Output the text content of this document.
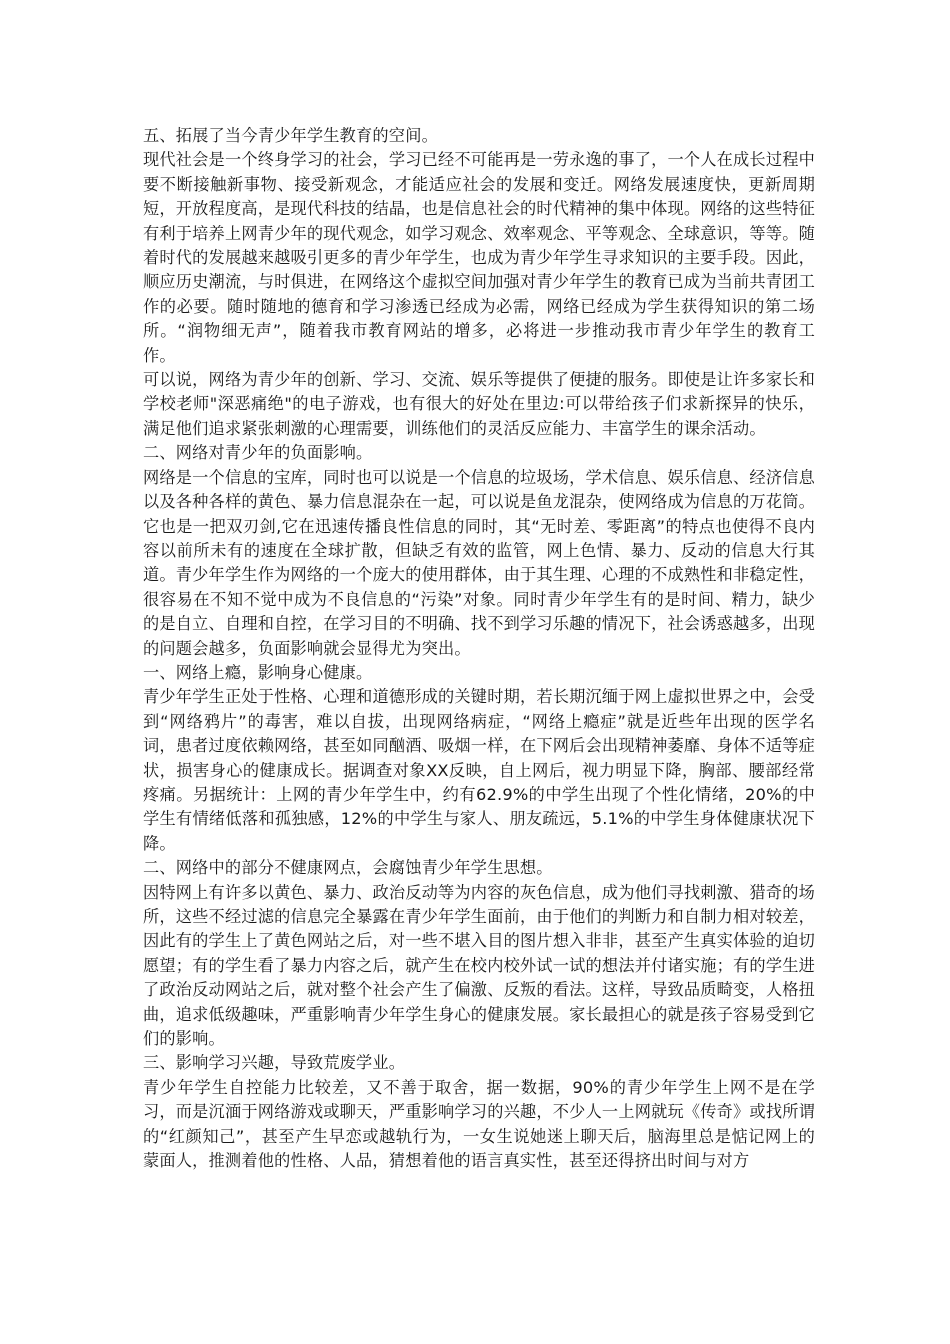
五、拓展了当今青少年学生教育的空间。

现代社会是一个终身学习的社会，学习已经不可能再是一劳永逸的事了，一个人在成长过程中要不断接触新事物、接受新观念，才能适应社会的发展和变迁。网络发展速度快，更新周期短，开放程度高，是现代科技的结晶，也是信息社会的时代精神的集中体现。网络的这些特征有利于培养上网青少年的现代观念，如学习观念、效率观念、平等观念、全球意识，等等。随着时代的发展越来越吸引更多的青少年学生，也成为青少年学生寻求知识的主要手段。因此，顺应历史潮流，与时俱进，在网络这个虚拟空间加强对青少年学生的教育已成为当前共青团工作的必要。随时随地的德育和学习渗透已经成为必需，网络已经成为学生获得知识的第二场所。“润物细无声”，随着我市教育网站的增多，必将进一步推动我市青少年学生的教育工作。

可以说，网络为青少年的创新、学习、交流、娱乐等提供了便捷的服务。即使是让许多家长和学校老师"深恶痛绝"的电子游戏，也有很大的好处在里边:可以带给孩子们求新探异的快乐，满足他们追求紧张刺激的心理需要，训练他们的灵活反应能力、丰富学生的课余活动。

二、网络对青少年的负面影响。

网络是一个信息的宝库，同时也可以说是一个信息的垃圾场，学术信息、娱乐信息、经济信息以及各种各样的黄色、暴力信息混杂在一起，可以说是鱼龙混杂，使网络成为信息的万花筒。它也是一把双刃剑,它在迅速传播良性信息的同时，其“无时差、零距离”的特点也使得不良内容以前所未有的速度在全球扩散，但缺乏有效的监管，网上色情、暴力、反动的信息大行其道。青少年学生作为网络的一个庞大的使用群体，由于其生理、心理的不成熟性和非稳定性，很容易在不知不觉中成为不良信息的“污染”对象。同时青少年学生有的是时间、精力，缺少的是自立、自理和自控，在学习目的不明确、找不到学习乐趣的情况下，社会诱惑越多，出现的问题会越多，负面影响就会显得尤为突出。

一、网络上瘾，影响身心健康。

青少年学生正处于性格、心理和道德形成的关键时期，若长期沉缅于网上虚拟世界之中，会受到“网络鸦片”的毒害，难以自拔，出现网络病症，“网络上瘾症”就是近些年出现的医学名词，患者过度依赖网络，甚至如同酗酒、吸烟一样，在下网后会出现精神萎靡、身体不适等症状，损害身心的健康成长。据调查对象XX反映，自上网后，视力明显下降，胸部、腰部经常疼痛。另据统计：上网的青少年学生中，约有62.9%的中学生出现了个性化情绪，20%的中学生有情绪低落和孤独感，12%的中学生与家人、朋友疏远，5.1%的中学生身体健康状况下降。

二、网络中的部分不健康网点，会腐蚀青少年学生思想。

因特网上有许多以黄色、暴力、政治反动等为内容的灰色信息，成为他们寻找刺激、猎奇的场所，这些不经过滤的信息完全暴露在青少年学生面前，由于他们的判断力和自制力相对较差，因此有的学生上了黄色网站之后，对一些不堪入目的图片想入非非，甚至产生真实体验的迫切愿望；有的学生看了暴力内容之后，就产生在校内校外试一试的想法并付诸实施；有的学生进了政治反动网站之后，就对整个社会产生了偏激、反叛的看法。这样，导致品质畸变，人格扭曲，追求低级趣味，严重影响青少年学生身心的健康发展。家长最担心的就是孩子容易受到它们的影响。

三、影响学习兴趣，导致荒废学业。

青少年学生自控能力比较差，又不善于取舍，据一数据，90%的青少年学生上网不是在学习，而是沉湎于网络游戏或聊天，严重影响学习的兴趣，不少人一上网就玩《传奇》或找所谓的“红颜知己”，甚至产生早恋或越轨行为，一女生说她迷上聊天后，脑海里总是惦记网上的蒙面人，推测着他的性格、人品，猜想着他的语言真实性，甚至还得挤出时间与对方
